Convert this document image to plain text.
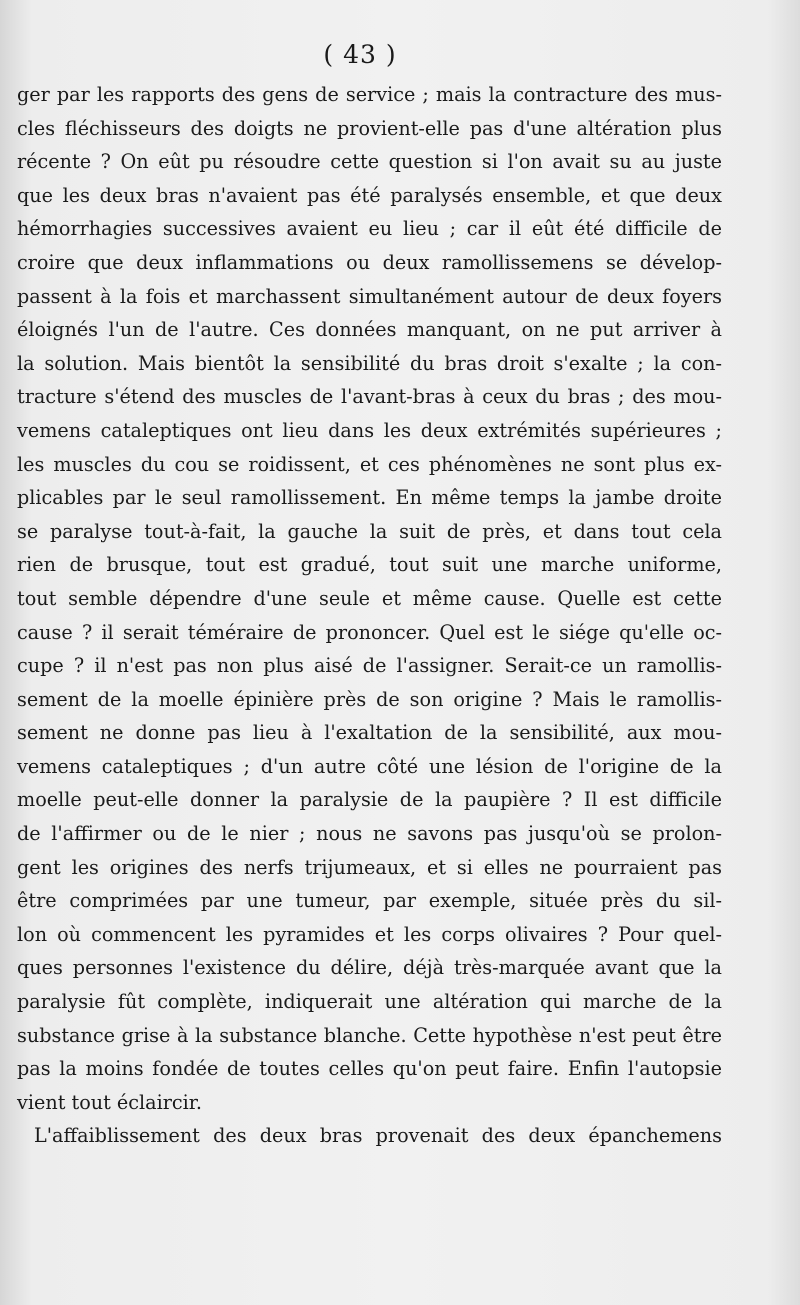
( 43 )
ger par les rapports des gens de service ; mais la contracture des mus-
cles fléchisseurs des doigts ne provient-elle pas d'une altération plus
récente ? On eût pu résoudre cette question si l'on avait su au juste
que les deux bras n'avaient pas été paralysés ensemble, et que deux
hémorrhagies successives avaient eu lieu ; car il eût été difficile de
croire que deux inflammations ou deux ramollissemens se dévelop-
passent à la fois et marchassent simultanément autour de deux foyers
éloignés l'un de l'autre. Ces données manquant, on ne put arriver à
la solution. Mais bientôt la sensibilité du bras droit s'exalte ; la con-
tracture s'étend des muscles de l'avant-bras à ceux du bras ; des mou-
vemens cataleptiques ont lieu dans les deux extrémités supérieures ;
les muscles du cou se roidissent, et ces phénomènes ne sont plus ex-
plicables par le seul ramollissement. En même temps la jambe droite
se paralyse tout-à-fait, la gauche la suit de près, et dans tout cela
rien de brusque, tout est gradué, tout suit une marche uniforme,
tout semble dépendre d'une seule et même cause. Quelle est cette
cause ? il serait téméraire de prononcer. Quel est le siége qu'elle oc-
cupe ? il n'est pas non plus aisé de l'assigner. Serait-ce un ramollis-
sement de la moelle épinière près de son origine ? Mais le ramollis-
sement ne donne pas lieu à l'exaltation de la sensibilité, aux mou-
vemens cataleptiques ; d'un autre côté une lésion de l'origine de la
moelle peut-elle donner la paralysie de la paupière ? Il est difficile
de l'affirmer ou de le nier ; nous ne savons pas jusqu'où se prolon-
gent les origines des nerfs trijumeaux, et si elles ne pourraient pas
être comprimées par une tumeur, par exemple, située près du sil-
lon où commencent les pyramides et les corps olivaires ? Pour quel-
ques personnes l'existence du délire, déjà très-marquée avant que la
paralysie fût complète, indiquerait une altération qui marche de la
substance grise à la substance blanche. Cette hypothèse n'est peut être
pas la moins fondée de toutes celles qu'on peut faire. Enfin l'autopsie
vient tout éclaircir.
L'affaiblissement des deux bras provenait des deux épanchemens
